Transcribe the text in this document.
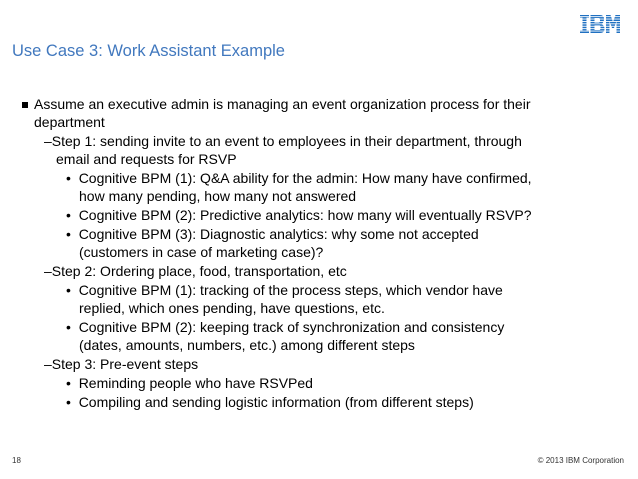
Use Case 3: Work Assistant Example
Assume an executive admin is managing an event organization process for their
department
–Step 1: sending invite to an event to employees in their department, through
email and requests for RSVP
• Cognitive BPM (1): Q&A ability for the admin: How many have confirmed,
how many pending, how many not answered
• Cognitive BPM (2): Predictive analytics: how many will eventually RSVP?
• Cognitive BPM (3): Diagnostic analytics: why some not accepted
(customers in case of marketing case)?
–Step 2: Ordering place, food, transportation, etc
• Cognitive BPM (1): tracking of the process steps, which vendor have
replied, which ones pending, have questions, etc.
• Cognitive BPM (2): keeping track of synchronization and consistency
(dates, amounts, numbers, etc.) among different steps
–Step 3: Pre-event steps
• Reminding people who have RSVPed
• Compiling and sending logistic information (from different steps)
18	© 2013 IBM Corporation
